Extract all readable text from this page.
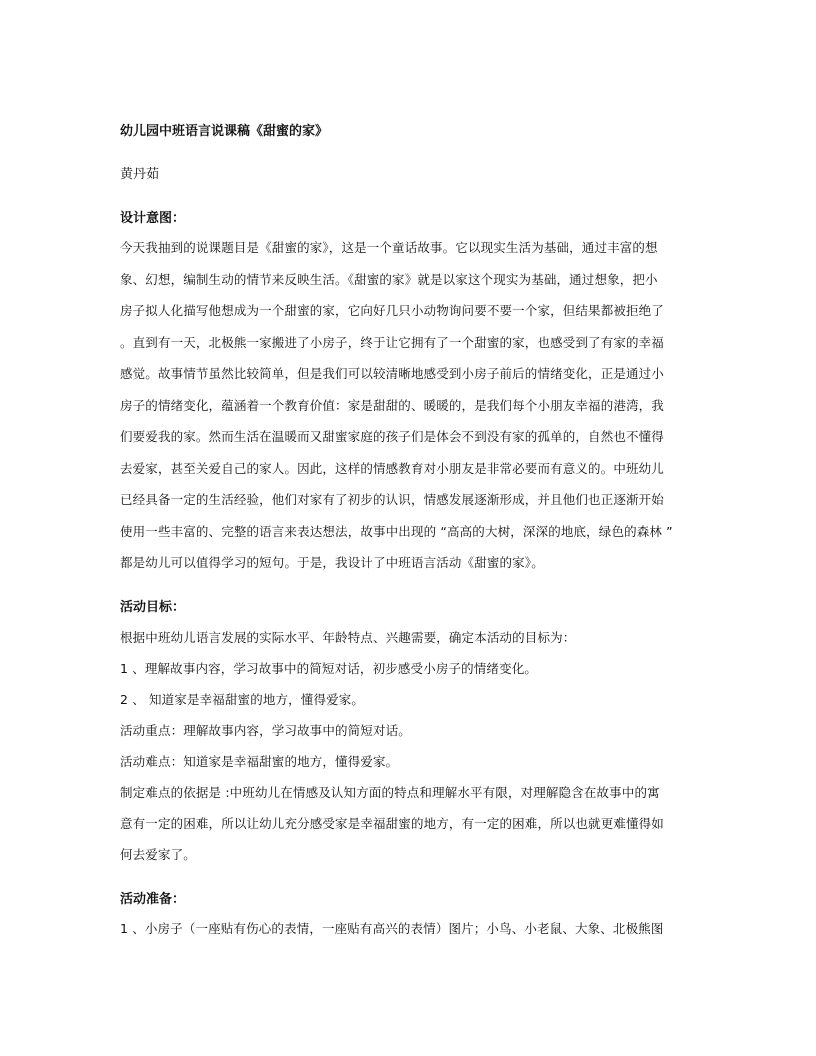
幼儿园中班语言说课稿《甜蜜的家》
黄丹茹
设计意图：
今天我抽到的说课题目是《甜蜜的家》，这是一个童话故事。它以现实生活为基础，通过丰富的想
象、幻想，编制生动的情节来反映生活。《甜蜜的家》就是以家这个现实为基础，通过想象，把小
房子拟人化描写他想成为一个甜蜜的家，它向好几只小动物询问要不要一个家，但结果都被拒绝了
。直到有一天，北极熊一家搬进了小房子，终于让它拥有了一个甜蜜的家，也感受到了有家的幸福
感觉。故事情节虽然比较简单，但是我们可以较清晰地感受到小房子前后的情绪变化，正是通过小
房子的情绪变化，蕴涵着一个教育价值：家是甜甜的、暖暖的，是我们每个小朋友幸福的港湾，我
们要爱我的家。然而生活在温暖而又甜蜜家庭的孩子们是体会不到没有家的孤单的，自然也不懂得
去爱家，甚至关爱自己的家人。因此，这样的情感教育对小朋友是非常必要而有意义的。中班幼儿
已经具备一定的生活经验，他们对家有了初步的认识，情感发展逐渐形成，并且他们也正逐渐开始
使用一些丰富的、完整的语言来表达想法，故事中出现的 “高高的大树，深深的地底，绿色的森林 ”
都是幼儿可以值得学习的短句。于是，我设计了中班语言活动《甜蜜的家》。
活动目标：
根据中班幼儿语言发展的实际水平、年龄特点、兴趣需要，确定本活动的目标为：
1 、理解故事内容，学习故事中的简短对话，初步感受小房子的情绪变化。
2 、 知道家是幸福甜蜜的地方，懂得爱家。
活动重点：理解故事内容，学习故事中的简短对话。
活动难点：知道家是幸福甜蜜的地方，懂得爱家。
制定难点的依据是 :中班幼儿在情感及认知方面的特点和理解水平有限，对理解隐含在故事中的寓
意有一定的困难，所以让幼儿充分感受家是幸福甜蜜的地方，有一定的困难，所以也就更难懂得如
何去爱家了。
活动准备：
1 、小房子（一座贴有伤心的表情，一座贴有高兴的表情）图片；小鸟、小老鼠、大象、北极熊图
